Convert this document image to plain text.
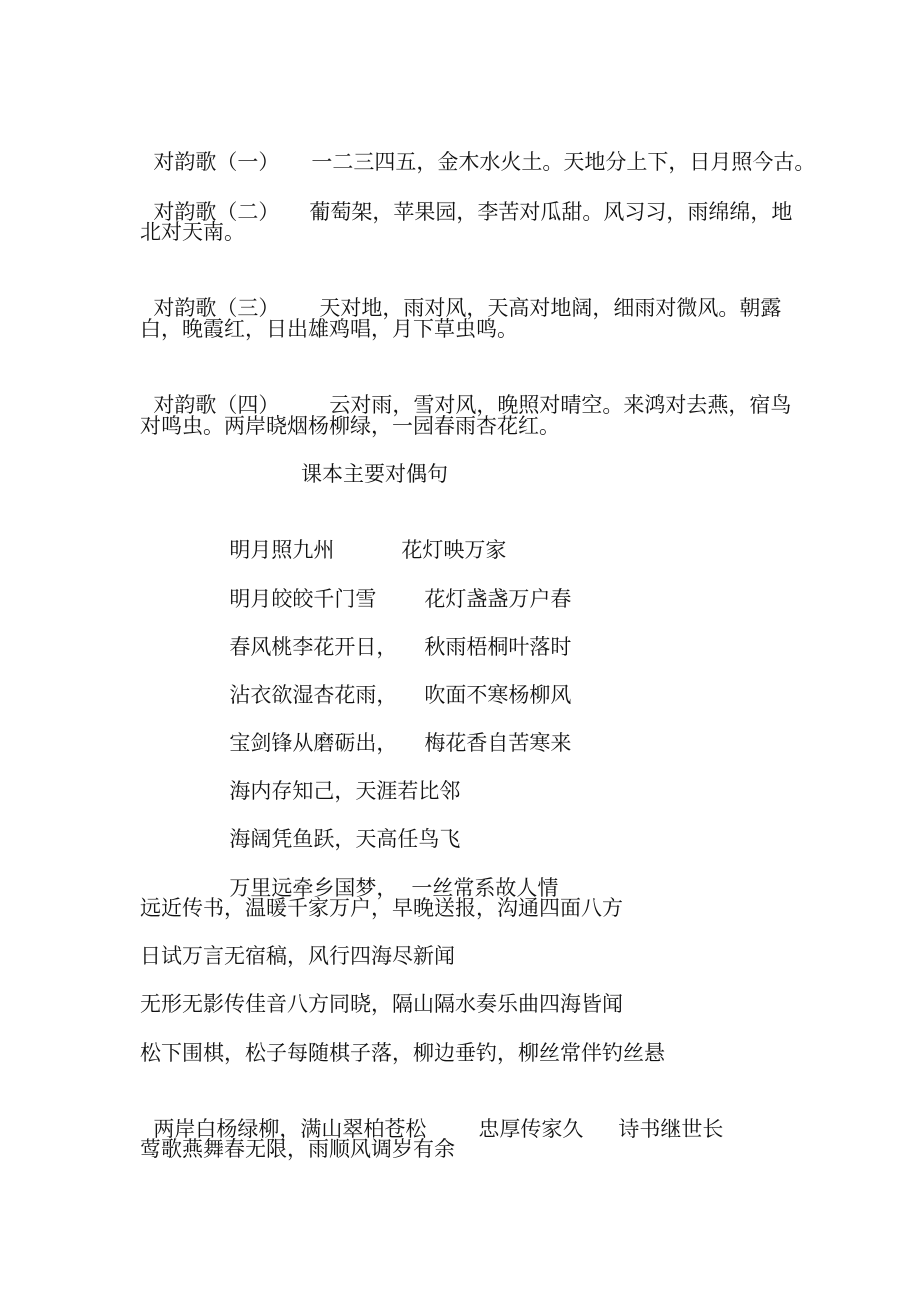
对韵歌（一） 一二三四五，金木水火土。天地分上下，日月照今古。

对韵歌（二） 葡萄架，苹果园，李苦对瓜甜。风习习，雨绵绵，地

北对天南。

对韵歌（三） 天对地，雨对风，天高对地阔，细雨对微风。朝露

白，晚霞红，日出雄鸡唱，月下草虫鸣。

对韵歌（四） 云对雨，雪对风，晚照对晴空。来鸿对去燕，宿鸟

对鸣虫。两岸晓烟杨柳绿，一园春雨杏花红。
课本主要对偶句

明月照九州	花灯映万家

明月皎皎千门雪 花灯盏盏万户春

春风桃李花开日， 秋雨梧桐叶落时

沾衣欲湿杏花雨， 吹面不寒杨柳风

宝剑锋从磨砺出， 梅花香自苦寒来

海内存知己，天涯若比邻

海阔凭鱼跃，天高任鸟飞

万里远牵乡国梦， 一丝常系故人情

远近传书，温暖千家万户，早晚送报，沟通四面八方
日试万言无宿稿，风行四海尽新闻
无形无影传佳音八方同晓，隔山隔水奏乐曲四海皆闻
松下围棋，松子每随棋子落，柳边垂钓，柳丝常伴钓丝悬

两岸白杨绿柳，满山翠柏苍松 忠厚传家久 诗书继世长

莺歌燕舞春无限，雨顺风调岁有余
